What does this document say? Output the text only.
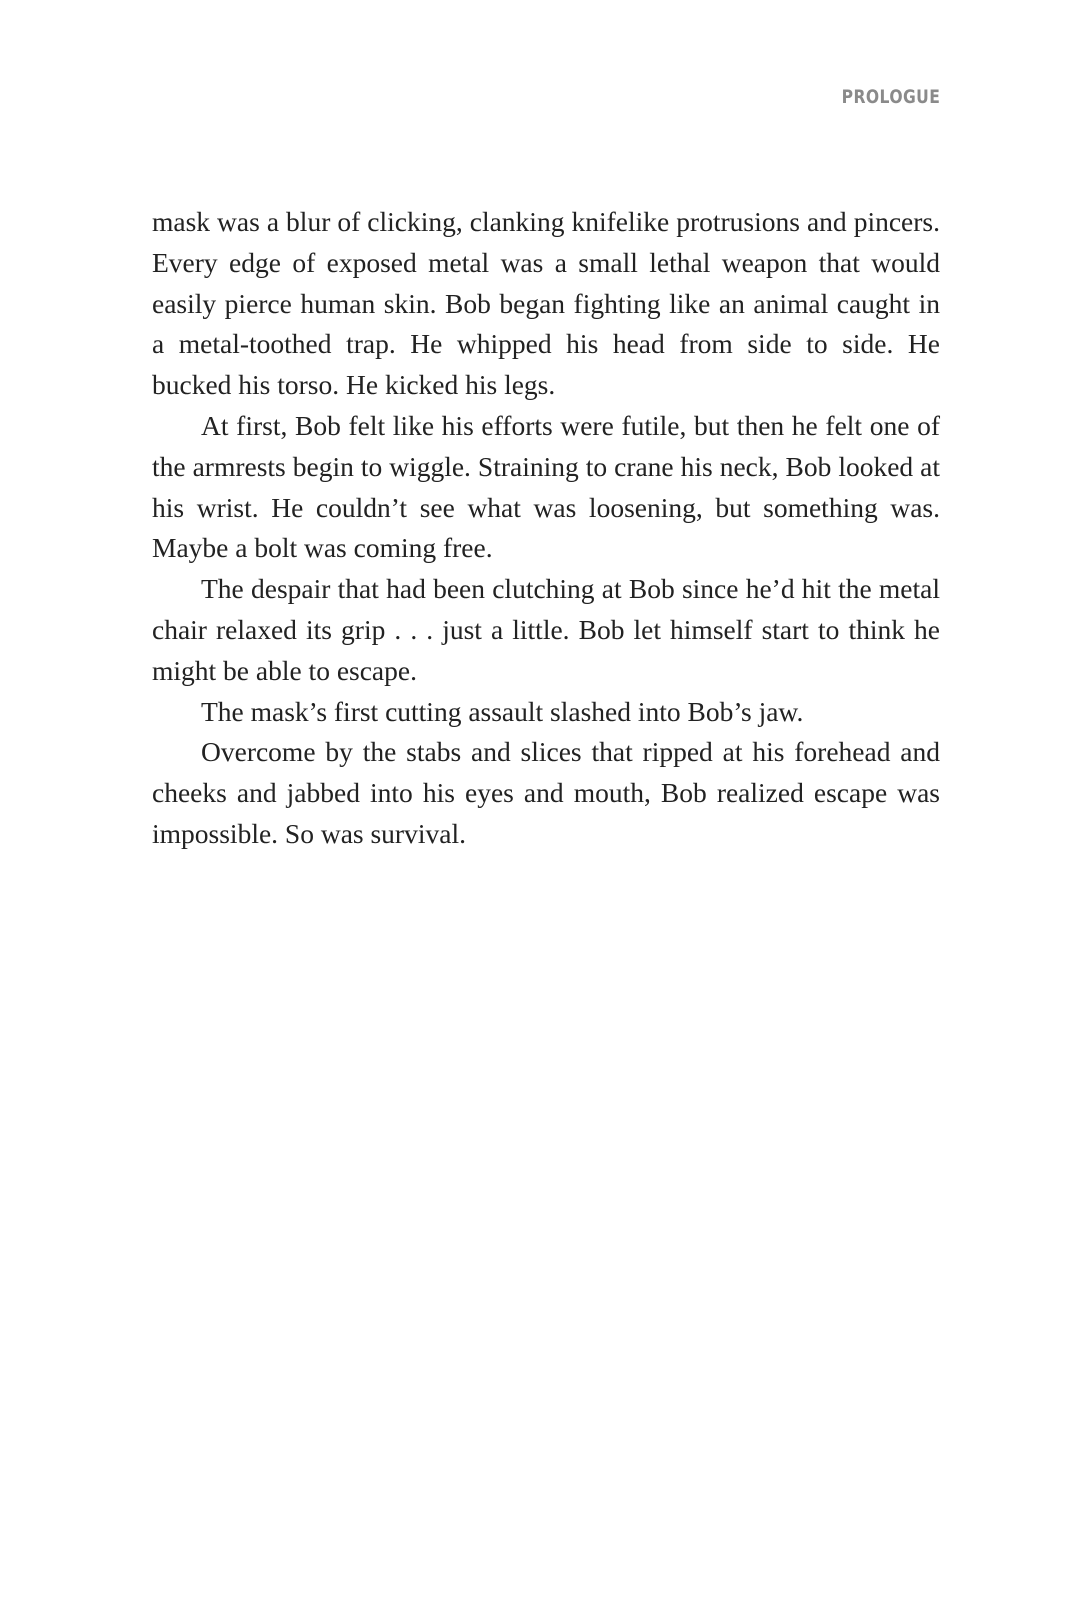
PROLOGUE

mask was a blur of clicking, clanking knifelike protrusions and pincers. Every edge of exposed metal was a small lethal weapon that would easily pierce human skin. Bob began fighting like an animal caught in a metal-toothed trap. He whipped his head from side to side. He bucked his torso. He kicked his legs.

At first, Bob felt like his efforts were futile, but then he felt one of the armrests begin to wiggle. Straining to crane his neck, Bob looked at his wrist. He couldn’t see what was loosening, but something was. Maybe a bolt was coming free.

The despair that had been clutching at Bob since he’d hit the metal chair relaxed its grip . . . just a little. Bob let himself start to think he might be able to escape.

The mask’s first cutting assault slashed into Bob’s jaw.

Overcome by the stabs and slices that ripped at his forehead and cheeks and jabbed into his eyes and mouth, Bob realized escape was impossible. So was survival.
